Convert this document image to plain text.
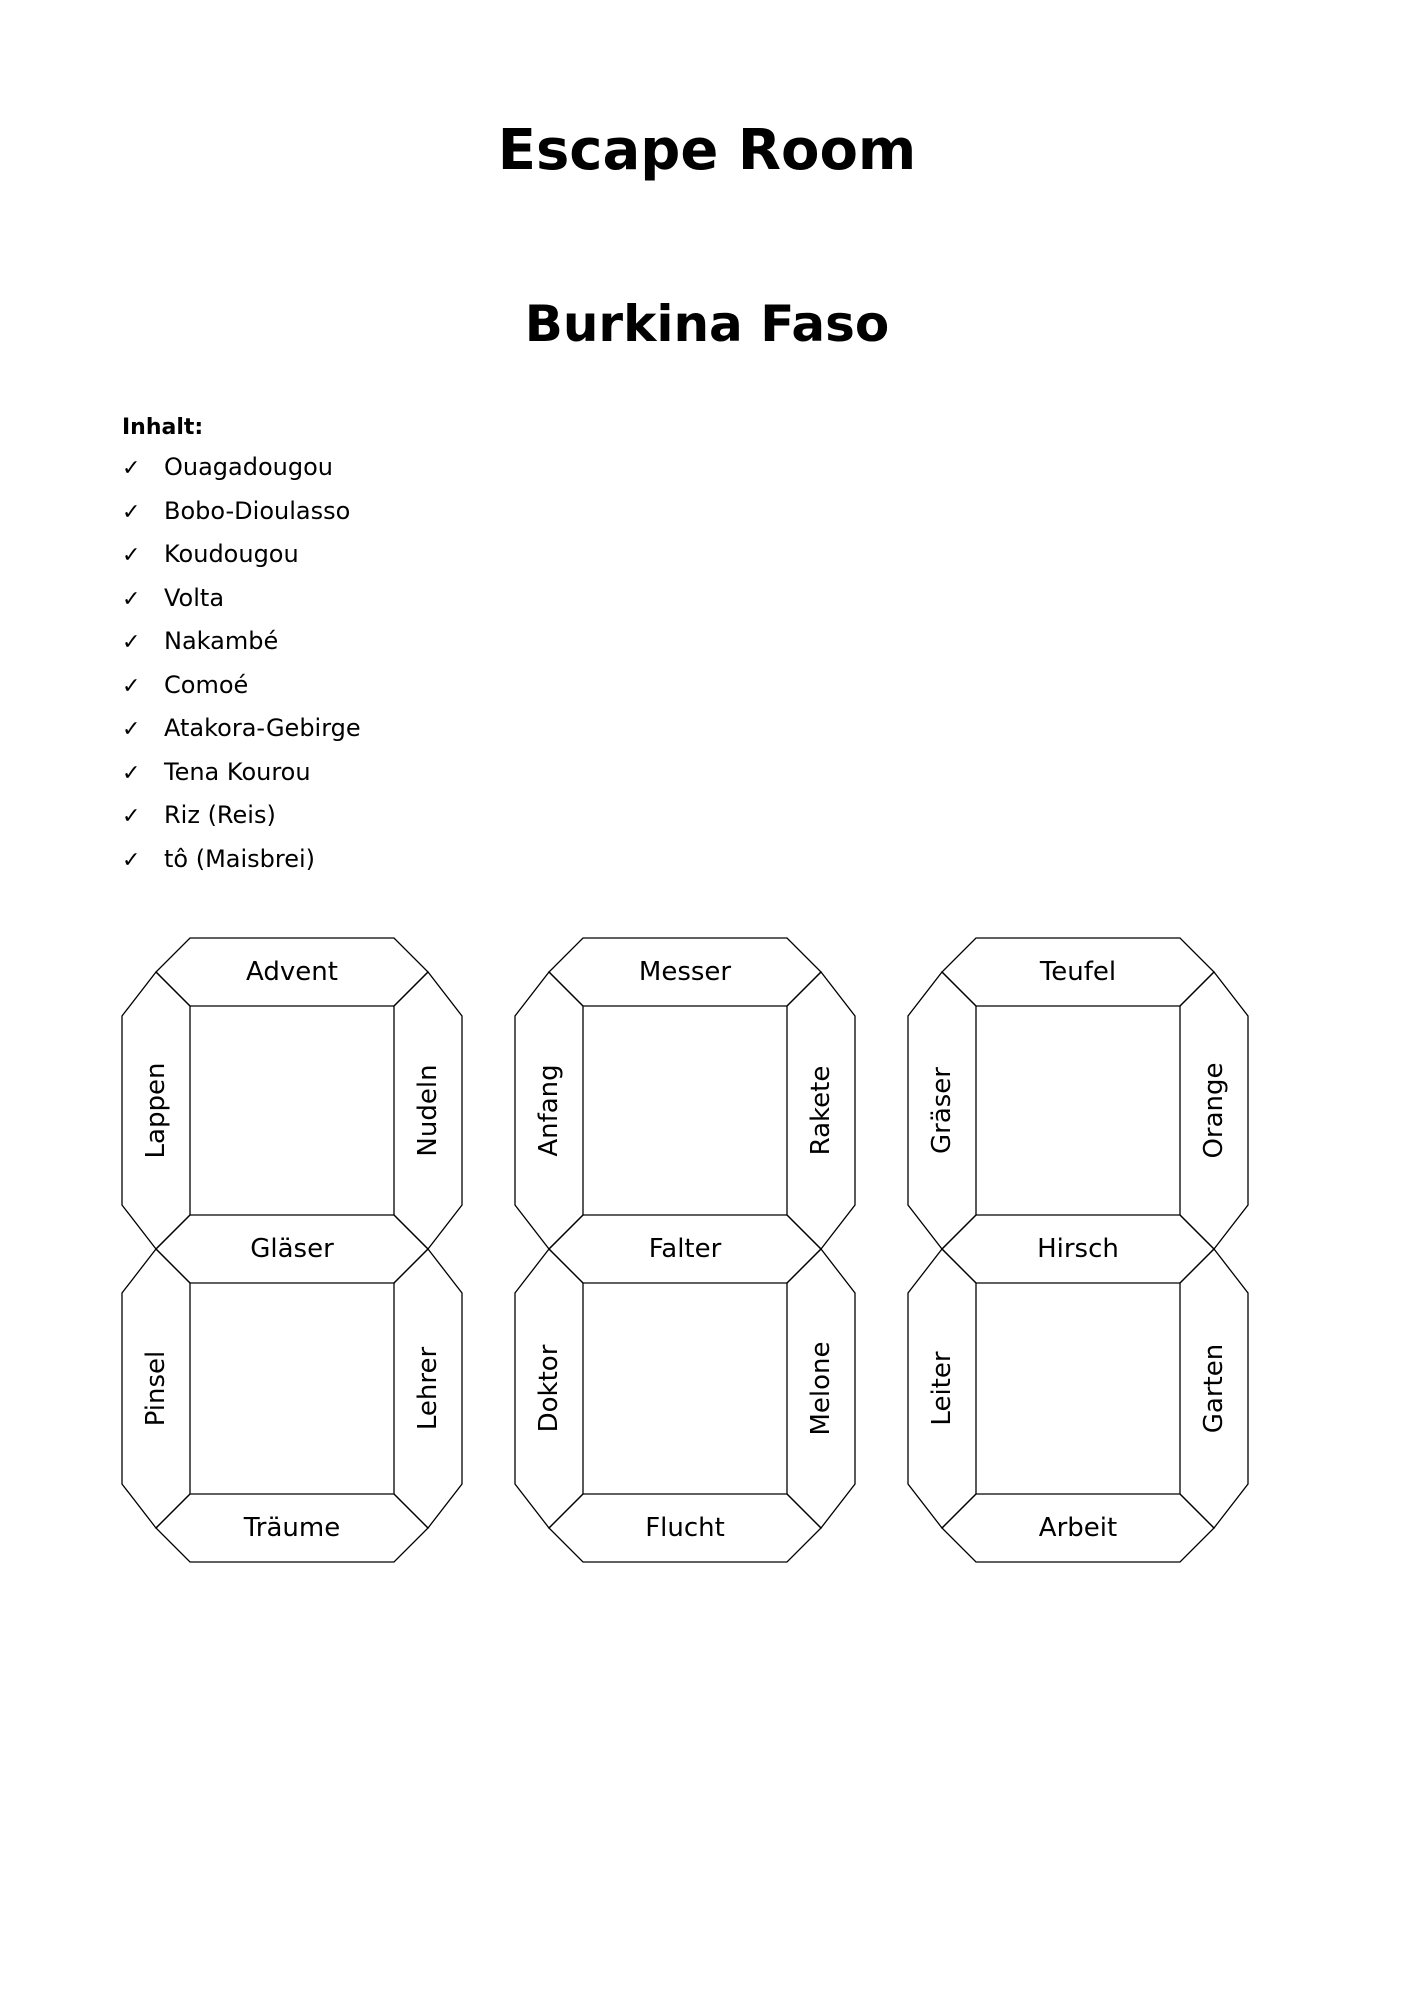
Escape Room
Burkina Faso
Inhalt:
✓ Ouagadougou
✓ Bobo-Dioulasso
✓ Koudougou
✓ Volta
✓ Nakambé
✓ Comoé
✓ Atakora-Gebirge
✓ Tena Kourou
✓ Riz (Reis)
✓ tô (Maisbrei)
Advent
Gläser
Träume
Lappen	Nudeln
Pinsel	Lehrer
Messer
Falter
Flucht
Anfang	Rakete
Doktor	Melone
Teufel
Hirsch
Arbeit
Gräser	Orange
Leiter	Garten
